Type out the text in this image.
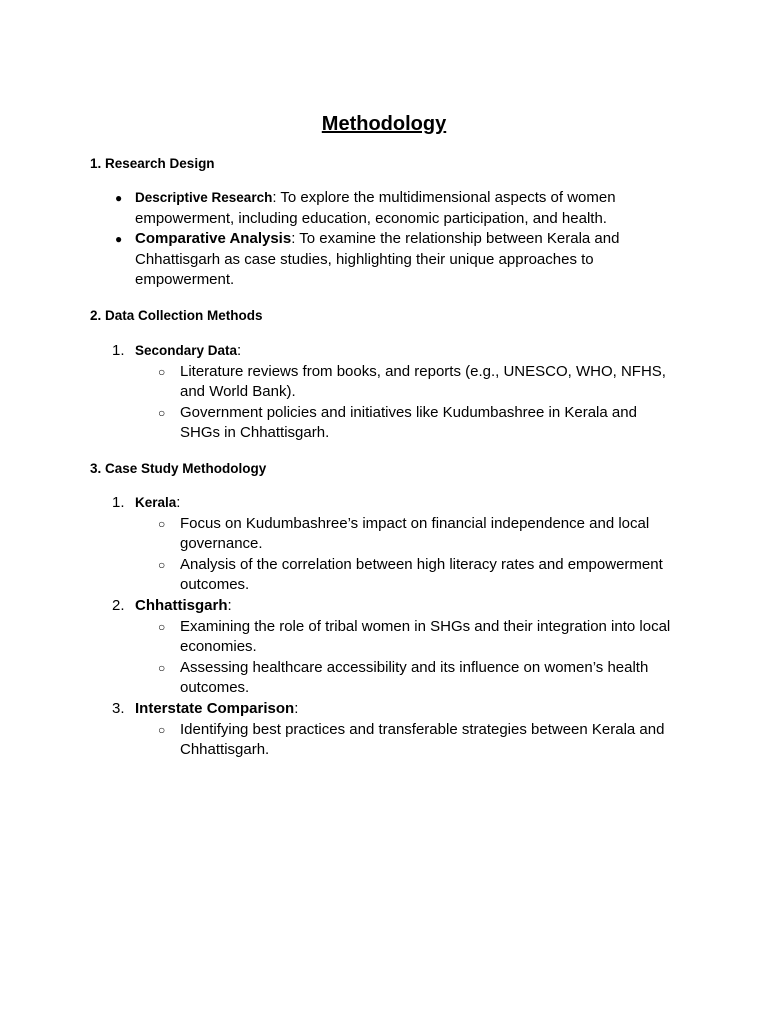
Methodology
1. Research Design
● Descriptive Research: To explore the multidimensional aspects of women empowerment, including education, economic participation, and health.
● Comparative Analysis: To examine the relationship between Kerala and Chhattisgarh as case studies, highlighting their unique approaches to empowerment.
2. Data Collection Methods
1. Secondary Data:
○ Literature reviews from books, and reports (e.g., UNESCO, WHO, NFHS, and World Bank).
○ Government policies and initiatives like Kudumbashree in Kerala and SHGs in Chhattisgarh.
3. Case Study Methodology
1. Kerala:
○ Focus on Kudumbashree’s impact on financial independence and local governance.
○ Analysis of the correlation between high literacy rates and empowerment outcomes.
2. Chhattisgarh:
○ Examining the role of tribal women in SHGs and their integration into local economies.
○ Assessing healthcare accessibility and its influence on women’s health outcomes.
3. Interstate Comparison:
○ Identifying best practices and transferable strategies between Kerala and Chhattisgarh.
